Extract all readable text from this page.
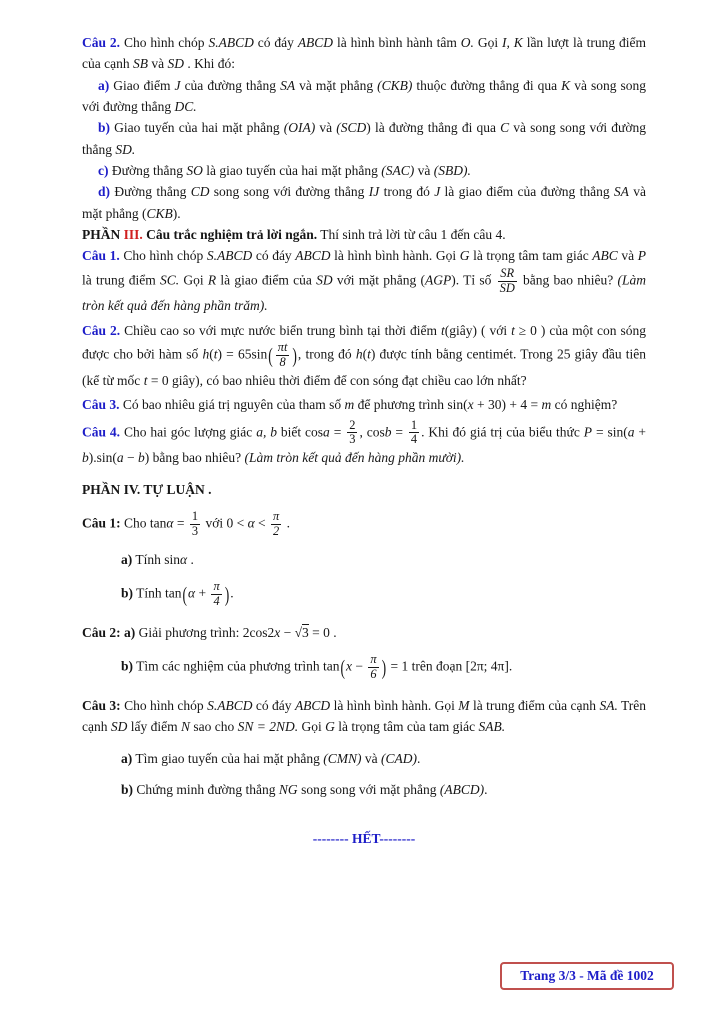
Câu 2. Cho hình chóp S.ABCD có đáy ABCD là hình bình hành tâm O. Gọi I, K lần lượt là trung điểm của cạnh SB và SD . Khi đó:

a) Giao điểm J của đường thẳng SA và mặt phẳng (CKB) thuộc đường thẳng đi qua K và song song với đường thẳng DC.

b) Giao tuyến của hai mặt phẳng (OIA) và (SCD) là đường thẳng đi qua C và song song với đường thẳng SD.

c) Đường thẳng SO là giao tuyến của hai mặt phẳng (SAC) và (SBD).

d) Đường thẳng CD song song với đường thẳng IJ trong đó J là giao điểm của đường thẳng SA và mặt phẳng (CKB).

PHẦN III. Câu trắc nghiệm trả lời ngắn. Thí sinh trả lời từ câu 1 đến câu 4.

Câu 1. Cho hình chóp S.ABCD có đáy ABCD là hình bình hành. Gọi G là trọng tâm tam giác ABC và P là trung điểm SC. Gọi R là giao điểm của SD với mặt phẳng (AGP). Tỉ số $\frac{SR}{SD}$ bằng bao nhiêu? (Làm tròn kết quả đến hàng phần trăm).

Câu 2. Chiều cao so với mực nước biển trung bình tại thời điểm t(giây) ( với t ≥ 0 ) của một con sóng được cho bởi hàm số $h(t) = 65\sin( \frac{\pi t}{8}$ ), trong đó h(t) được tính bằng centimét. Trong 25 giây đầu tiên (kể từ mốc t = 0 giây), có bao nhiêu thời điểm để con sóng đạt chiều cao lớn nhất?

Câu 3. Có bao nhiêu giá trị nguyên của tham số m để phương trình sin(x + 30) + 4 = m có nghiệm?

Câu 4. Cho hai góc lượng giác a, b biết $\cos a = \frac{2}{3}$ , $\cos b = \frac{1}{4}$ . Khi đó giá trị của biểu thức P = sin(a + b).sin(a − b) bằng bao nhiêu? (Làm tròn kết quả đến hàng phần mười).

PHẦN IV. TỰ LUẬN .

Câu 1: Cho $\tan\alpha = \frac{1}{3}$ với $0 < \alpha < \frac{\pi}{2}$ .

a) Tính sinα .

b) Tính $\tan(\alpha + \frac{\pi}{4}$ ).

Câu 2: a) Giải phương trình: 2cos2x − √3 = 0 .

b) Tìm các nghiệm của phương trình $\tan(x - \frac{\pi}{6}$ ) = 1 trên đoạn [2π; 4π].

Câu 3: Cho hình chóp S.ABCD có đáy ABCD là hình bình hành. Gọi M là trung điểm của cạnh SA. Trên cạnh SD lấy điểm N sao cho SN = 2ND. Gọi G là trọng tâm của tam giác SAB.

a) Tìm giao tuyến của hai mặt phẳng (CMN) và (CAD).

b) Chứng minh đường thẳng NG song song với mặt phẳng (ABCD).

-------- HẾT--------

Trang 3/3 - Mã đề 1002
